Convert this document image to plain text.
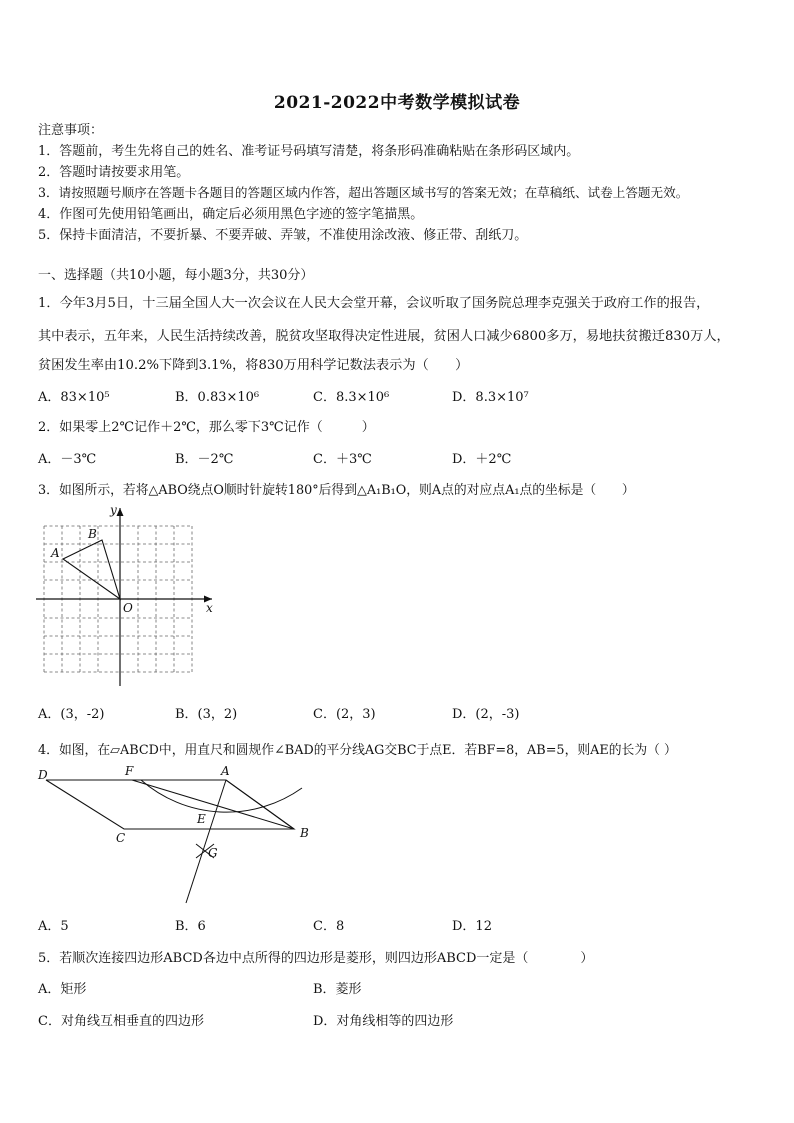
2021-2022中考数学模拟试卷
注意事项：
1．答题前，考生先将自己的姓名、准考证号码填写清楚，将条形码准确粘贴在条形码区域内。
2．答题时请按要求用笔。
3．请按照题号顺序在答题卡各题目的答题区域内作答，超出答题区域书写的答案无效；在草稿纸、试卷上答题无效。
4．作图可先使用铅笔画出，确定后必须用黑色字迹的签字笔描黑。
5．保持卡面清洁，不要折暴、不要弄破、弄皱，不准使用涂改液、修正带、刮纸刀。
一、选择题（共10小题，每小题3分，共30分）
1．今年3月5日，十三届全国人大一次会议在人民大会堂开幕，会议听取了国务院总理李克强关于政府工作的报告，
其中表示，五年来，人民生活持续改善，脱贫攻坚取得决定性进展，贫困人口减少6800多万，易地扶贫搬迁830万人，
贫困发生率由10.2%下降到3.1%，将830万用科学记数法表示为（　　）
A．83×10⁵	B．0.83×10⁶	C．8.3×10⁶	D．8.3×10⁷
2．如果零上2℃记作＋2℃，那么零下3℃记作（　　　）
A．－3℃	B．－2℃	C．＋3℃	D．＋2℃
3．如图所示，若将△ABO绕点O顺时针旋转180°后得到△A₁B₁O，则A点的对应点A₁点的坐标是（　　）
y
x
O
A
B
A．(3，-2)	B．(3，2)	C．(2，3)	D．(2，-3)
4．如图，在▱ABCD中，用直尺和圆规作∠BAD的平分线AG交BC于点E．若BF=8，AB=5，则AE的长为（ ）
D	F	A
E
C	B
G
A．5	B．6	C．8	D．12
5．若顺次连接四边形ABCD各边中点所得的四边形是菱形，则四边形ABCD一定是（　　　　）
A．矩形	B．菱形
C．对角线互相垂直的四边形	D．对角线相等的四边形
